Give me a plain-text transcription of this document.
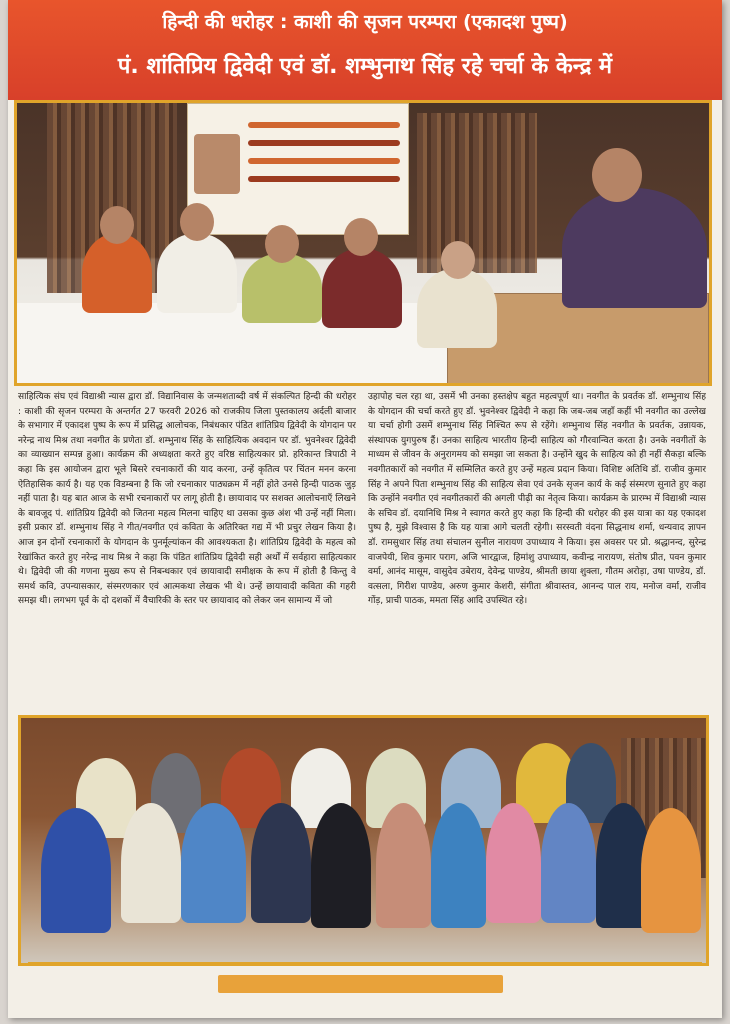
हिन्दी की धरोहर : काशी की सृजन परम्परा (एकादश पुष्प)
पं. शांतिप्रिय द्विवेदी एवं डॉ. शम्भुनाथ सिंह रहे चर्चा के केन्द्र में
साहित्यिक संघ एवं विद्याश्री न्यास द्वारा डॉ. विद्यानिवास के जन्मशताब्दी वर्ष में संकल्पित हिन्दी की धरोहर : काशी की सृजन परम्परा के अन्तर्गत 27 फरवरी 2026 को राजकीय जिला पुस्तकालय अर्दली बाजार के सभागार में एकादश पुष्प के रूप में प्रसिद्ध आलोचक, निबंधकार पंडित शांतिप्रिय द्विवेदी के योगदान पर नरेन्द्र नाथ मिश्र तथा नवगीत के प्रणेता डॉ. शम्भुनाथ सिंह के साहित्यिक अवदान पर डॉ. भुवनेश्वर द्विवेदी का व्याख्यान सम्पन्न हुआ। कार्यक्रम की अध्यक्षता करते हुए वरिष्ठ साहित्यकार प्रो. हरिकान्त त्रिपाठी ने कहा कि इस आयोजन द्वारा भूले बिसरे रचनाकारों की याद करना, उन्हें कृतित्व पर चिंतन मनन करना ऐतिहासिक कार्य है। यह एक विडम्बना है कि जो रचनाकार पाठ्यक्रम में नहीं होते उनसे हिन्दी पाठक जुड़ नहीं पाता है। यह बात आज के सभी रचनाकारों पर लागू होती है। छायावाद पर सशक्त आलोचनाएँ लिखने के बावजूद पं. शांतिप्रिय द्विवेदी को जितना महत्व मिलना चाहिए था उसका कुछ अंश भी उन्हें नहीं मिला। इसी प्रकार डॉ. शम्भुनाथ सिंह ने गीत/नवगीत एवं कविता के अतिरिक्त गद्य में भी प्रचुर लेखन किया है। आज इन दोनों रचनाकारों के योगदान के पुनर्मूल्यांकन की आवश्यकता है। शांतिप्रिय द्विवेदी के महत्व को रेखांकित करते हुए नरेन्द्र नाथ मिश्र ने कहा कि पंडित शांतिप्रिय द्विवेदी सही अर्थों में सर्वहारा साहित्यकार थे। द्विवेदी जी की गणना मुख्य रूप से निबन्धकार एवं छायावादी समीक्षक के रूप में होती है किन्तु वे समर्थ कवि, उपन्यासकार, संस्मरणकार एवं आत्मकथा लेखक भी थे। उन्हें छायावादी कविता की गहरी समझ थी। लगभग पूर्व के दो दशकों में वैचारिकी के स्तर पर छायावाद को लेकर जन सामान्य में जो
उहापोह चल रहा था, उसमें भी उनका हस्तक्षेप बहुत महत्वपूर्ण था। नवगीत के प्रवर्तक डॉ. शम्भुनाथ सिंह के योगदान की चर्चा करते हुए डॉ. भुवनेश्वर द्विवेदी ने कहा कि जब-जब जहाँ कहीं भी नवगीत का उल्लेख या चर्चा होगी उसमें शम्भुनाथ सिंह निश्चित रूप से रहेंगे। शम्भुनाथ सिंह नवगीत के प्रवर्तक, उन्नायक, संस्थापक युगपुरुष हैं। उनका साहित्य भारतीय हिन्दी साहित्य को गौरवान्वित करता है। उनके नवगीतों के माध्यम से जीवन के अनुरागमय को समझा जा सकता है। उन्होंने खुद के साहित्य को ही नहीं सैकड़ा बल्कि नवगीतकारों को नवगीत में सम्मिलित करते हुए उन्हें महत्व प्रदान किया। विशिष्ट अतिथि डॉ. राजीव कुमार सिंह ने अपने पिता शम्भुनाथ सिंह की साहित्य सेवा एवं उनके सृजन कार्य के कई संस्मरण सुनाते हुए कहा कि उन्होंने नवगीत एवं नवगीतकारों की अगली पीढ़ी का नेतृत्व किया। कार्यक्रम के प्रारम्भ में विद्याश्री न्यास के सचिव डॉ. दयानिधि मिश्र ने स्वागत करते हुए कहा कि हिन्दी की धरोहर की इस यात्रा का यह एकादश पुष्प है, मुझे विश्वास है कि यह यात्रा आगे चलती रहेगी। सरस्वती वंदना सिद्धनाथ शर्मा, धन्यवाद ज्ञापन डॉ. रामसुधार सिंह तथा संचालन सुनील नारायण उपाध्याय ने किया। इस अवसर पर प्रो. श्रद्धानन्द, सुरेन्द्र वाजपेयी, शिव कुमार पराग, अजि भारद्वाज, हिमांशु उपाध्याय, कवीन्द्र नारायण, संतोष प्रीत, पवन कुमार वर्मा, आनंद मासूम, वासुदेव उबेराय, देवेन्द्र पाण्डेय, श्रीमती छाया शुक्ला, गौतम अरोड़ा, उषा पाण्डेय, डॉ. वत्सला, गिरीश पाण्डेय, अरुण कुमार केशरी, संगीता श्रीवास्तव, आनन्द पाल राय, मनोज वर्मा, राजीव गोंड़, प्राची पाठक, ममता सिंह आदि उपस्थित रहे।
